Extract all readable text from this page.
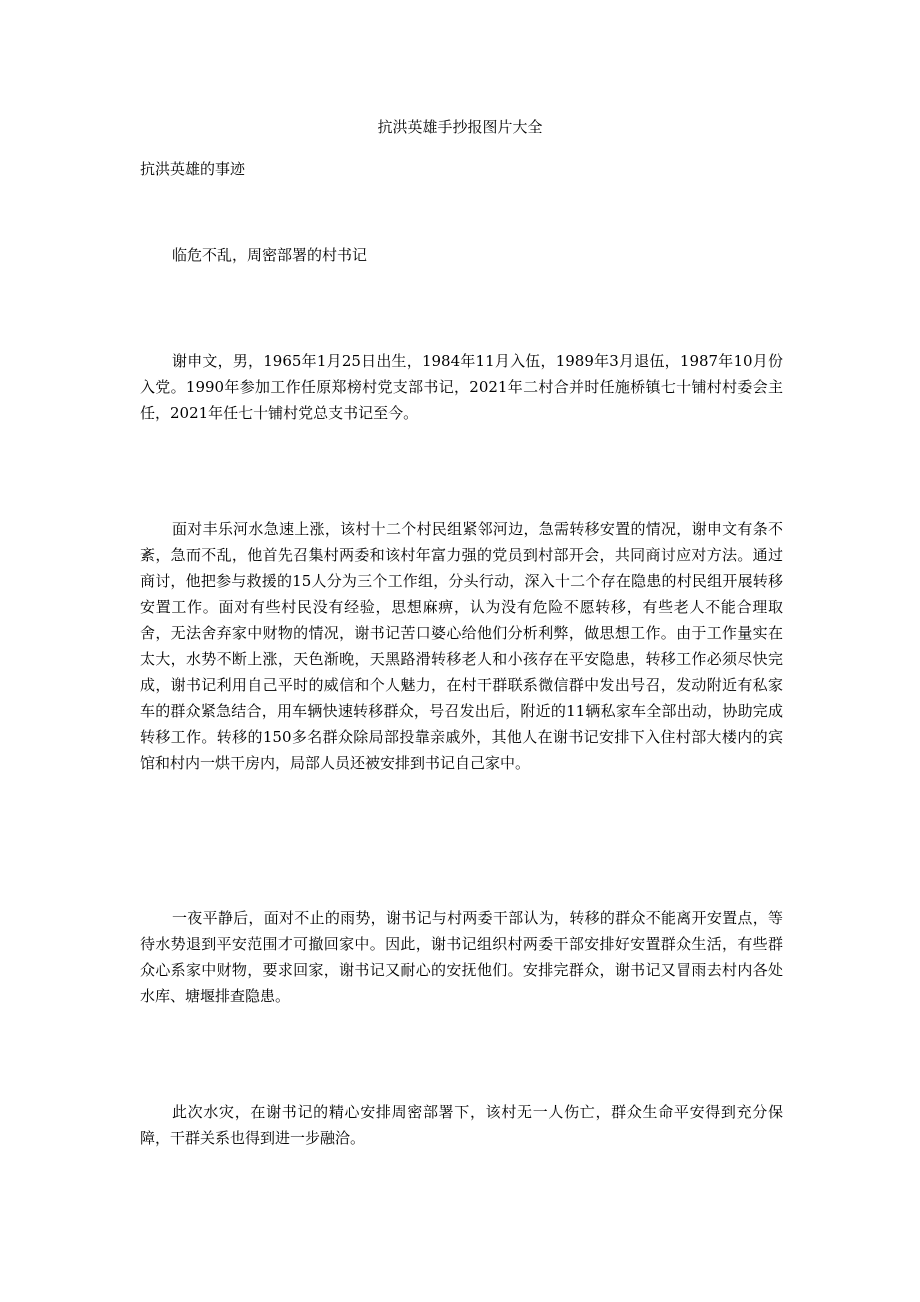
抗洪英雄手抄报图片大全
抗洪英雄的事迹

临危不乱，周密部署的村书记

谢申文，男，1965年1月25日出生，1984年11月入伍，1989年3月退伍，1987年10月份入党。1990年参加工作任原郑榜村党支部书记，2021年二村合并时任施桥镇七十铺村村委会主任，2021年任七十铺村党总支书记至今。

面对丰乐河水急速上涨，该村十二个村民组紧邻河边，急需转移安置的情况，谢申文有条不紊，急而不乱，他首先召集村两委和该村年富力强的党员到村部开会，共同商讨应对方法。通过商讨，他把参与救援的15人分为三个工作组，分头行动，深入十二个存在隐患的村民组开展转移安置工作。面对有些村民没有经验，思想麻痹，认为没有危险不愿转移，有些老人不能合理取舍，无法舍弃家中财物的情况，谢书记苦口婆心给他们分析利弊，做思想工作。由于工作量实在太大，水势不断上涨，天色渐晚，天黑路滑转移老人和小孩存在平安隐患，转移工作必须尽快完成，谢书记利用自己平时的威信和个人魅力，在村干群联系微信群中发出号召，发动附近有私家车的群众紧急结合，用车辆快速转移群众，号召发出后，附近的11辆私家车全部出动，协助完成转移工作。转移的150多名群众除局部投靠亲戚外，其他人在谢书记安排下入住村部大楼内的宾馆和村内一烘干房内，局部人员还被安排到书记自己家中。

一夜平静后，面对不止的雨势，谢书记与村两委干部认为，转移的群众不能离开安置点，等待水势退到平安范围才可撤回家中。因此，谢书记组织村两委干部安排好安置群众生活，有些群众心系家中财物，要求回家，谢书记又耐心的安抚他们。安排完群众，谢书记又冒雨去村内各处水库、塘堰排查隐患。

此次水灾，在谢书记的精心安排周密部署下，该村无一人伤亡，群众生命平安得到充分保障，干群关系也得到进一步融洽。
